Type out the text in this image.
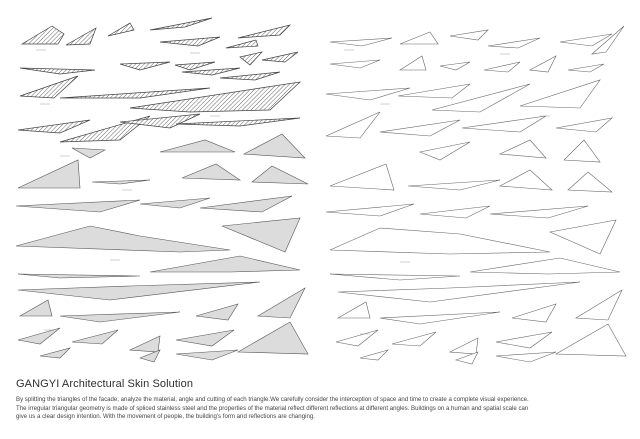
GANGYI Architectural Skin Solution

By splitting the triangles of the facade, analyze the material, angle and cutting of each triangle.We carefully consider the interception of space and time to create a complete visual experience.

The irregular triangular geometry is made of spliced stainless steel and the properties of the material reflect different reflections at different angles. Buildings on a human and spatial scale can

give us a clear design intention. With the movement of people, the building's form and reflections are changing.
